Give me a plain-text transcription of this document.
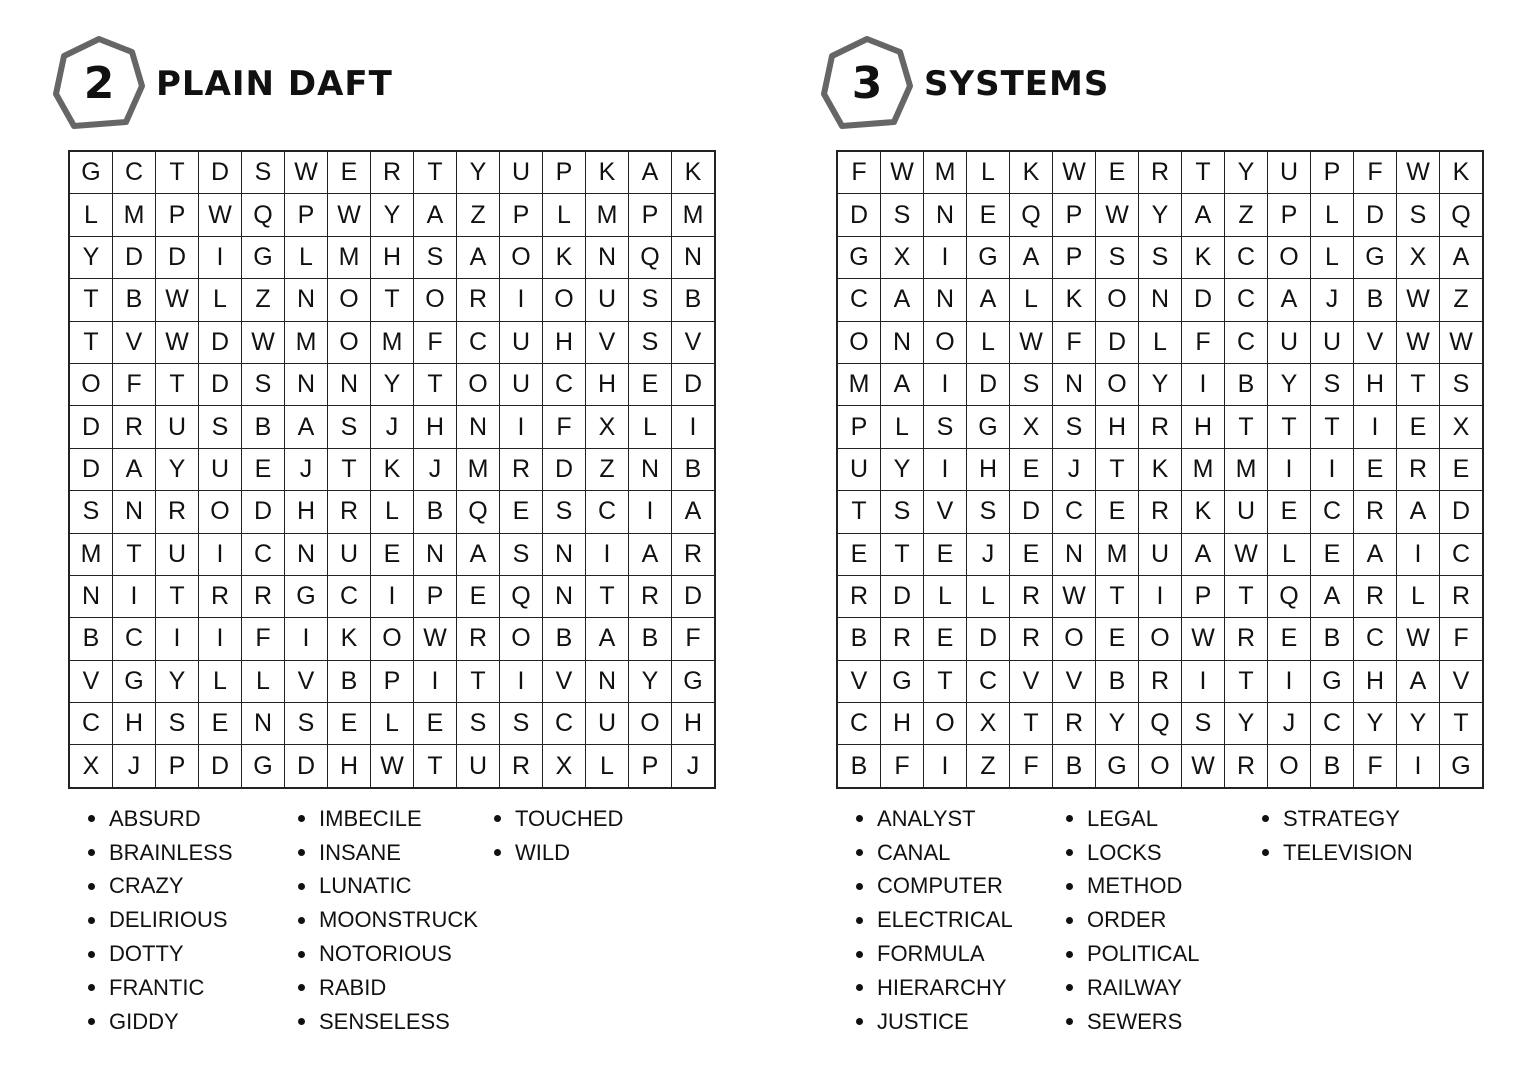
2	PLAIN DAFT
G C	T	D	S W E	R	T	Y	U	P	K	A	K
L	M P W Q P W Y	A	Z	P	L	M P M
Y	D D	I	G	L	M H	S	A O K	N Q N
T	B W L	Z	N O	T	O R	I	O U	S	B
T	V W D W M O M F	C U H	V	S	V
O	F	T	D	S	N N	Y	T	O U C H	E	D
D R U	S	B	A	S	J	H N	I	F	X	L	I
D	A	Y	U	E	J	T	K	J	M R D	Z	N	B
S	N R O D H R	L	B Q E	S	C	I	A
M T	U	I	C N U	E	N	A	S	N	I	A	R
N	I	T	R R G C	I	P	E Q N	T	R D
B	C	I	I	F	I	K O W R O B	A	B	F
V G Y	L	L	V	B	P	I	T	I	V	N	Y G
C H	S	E	N	S	E	L	E	S	S	C U O H
X	J	P	D G D H W T	U R	X	L	P	J
ABSURD
BRAINLESS
CRAZY
DELIRIOUS
DOTTY
FRANTIC
GIDDY
IMBECILE
INSANE
LUNATIC
MOONSTRUCK
NOTORIOUS
RABID
SENSELESS
TOUCHED
WILD
3	SYSTEMS
F W M	L	K W E	R	T	Y	U	P	F W K
D	S	N	E Q P W Y	A	Z	P	L	D	S Q
G X	I	G A	P	S	S	K	C O	L	G X	A
C	A	N	A	L	K O N D C	A	J	B W Z
O N O	L W F	D	L	F	C U U	V W W
M A	I	D	S	N O Y	I	B	Y	S	H	T	S
P	L	S G X	S	H R H	T	T	T	I	E	X
U	Y	I	H	E	J	T	K M M	I	I	E	R	E
T	S	V	S	D C	E	R	K	U	E	C R	A	D
E	T	E	J	E	N M U	A W L	E	A	I	C
R D	L	L	R W T	I	P	T	Q A	R	L	R
B	R	E	D R O E O W R	E	B	C W F
V G	T	C	V	V	B	R	I	T	I	G H	A	V
C H O X	T	R	Y Q S	Y	J	C	Y	Y	T
B	F	I	Z	F	B G O W R O B	F	I	G
ANALYST
CANAL
COMPUTER
ELECTRICAL
FORMULA
HIERARCHY
JUSTICE
LEGAL
LOCKS
METHOD
ORDER
POLITICAL
RAILWAY
SEWERS
STRATEGY
TELEVISION
